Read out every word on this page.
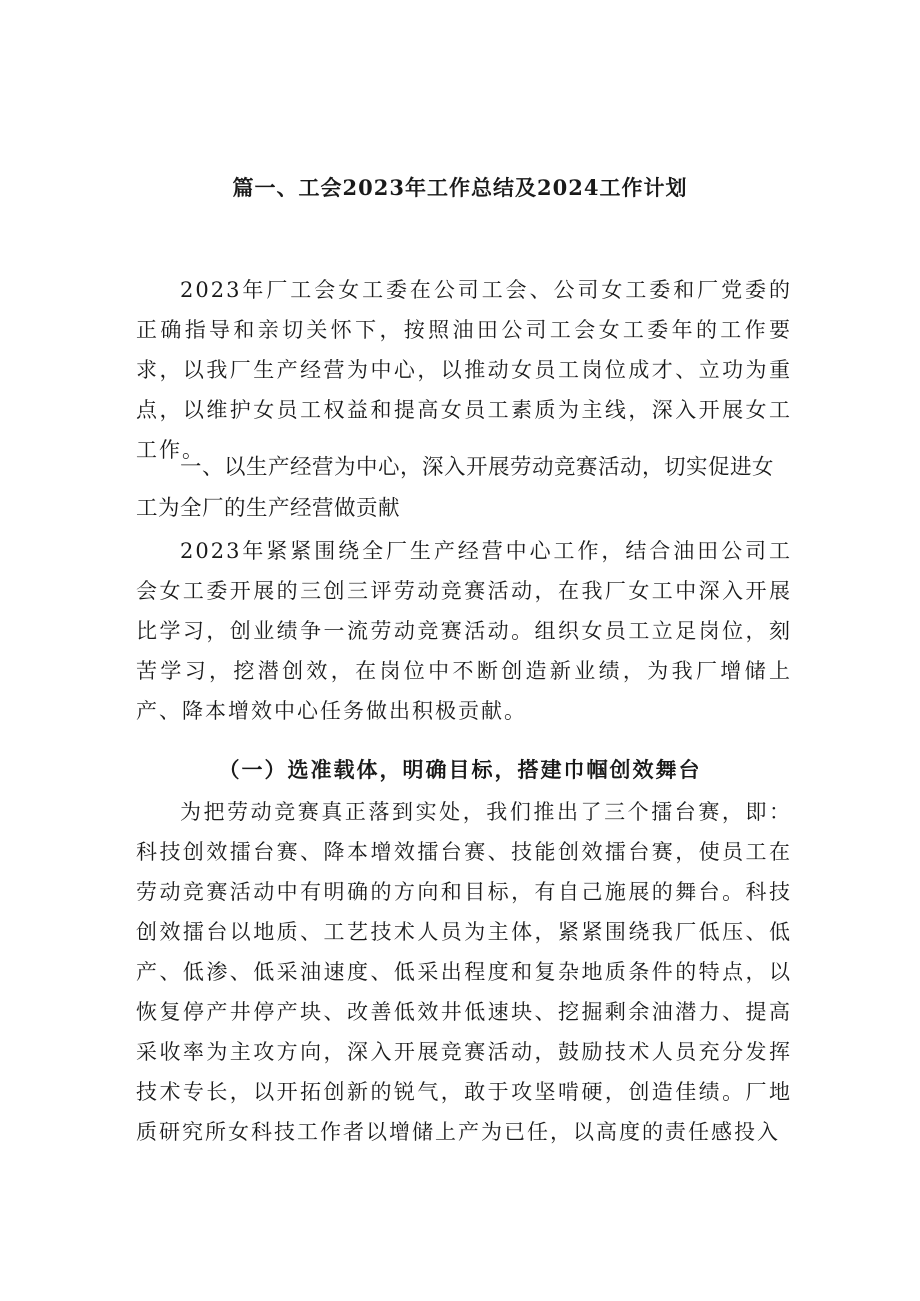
篇一、工会2023年工作总结及2024工作计划

2023年厂工会女工委在公司工会、公司女工委和厂党委的正确指导和亲切关怀下，按照油田公司工会女工委年的工作要求，以我厂生产经营为中心，以推动女员工岗位成才、立功为重点，以维护女员工权益和提高女员工素质为主线，深入开展女工工作。

一、以生产经营为中心，深入开展劳动竞赛活动，切实促进女工为全厂的生产经营做贡献

2023年紧紧围绕全厂生产经营中心工作，结合油田公司工会女工委开展的三创三评劳动竞赛活动，在我厂女工中深入开展比学习，创业绩争一流劳动竞赛活动。组织女员工立足岗位，刻苦学习，挖潜创效，在岗位中不断创造新业绩，为我厂增储上产、降本增效中心任务做出积极贡献。

（一）选准载体，明确目标，搭建巾帼创效舞台

为把劳动竞赛真正落到实处，我们推出了三个擂台赛，即：科技创效擂台赛、降本增效擂台赛、技能创效擂台赛，使员工在劳动竞赛活动中有明确的方向和目标，有自己施展的舞台。科技创效擂台以地质、工艺技术人员为主体，紧紧围绕我厂低压、低产、低渗、低采油速度、低采出程度和复杂地质条件的特点，以恢复停产井停产块、改善低效井低速块、挖掘剩余油潜力、提高采收率为主攻方向，深入开展竞赛活动，鼓励技术人员充分发挥技术专长，以开拓创新的锐气，敢于攻坚啃硬，创造佳绩。厂地质研究所女科技工作者以增储上产为已任，以高度的责任感投入
